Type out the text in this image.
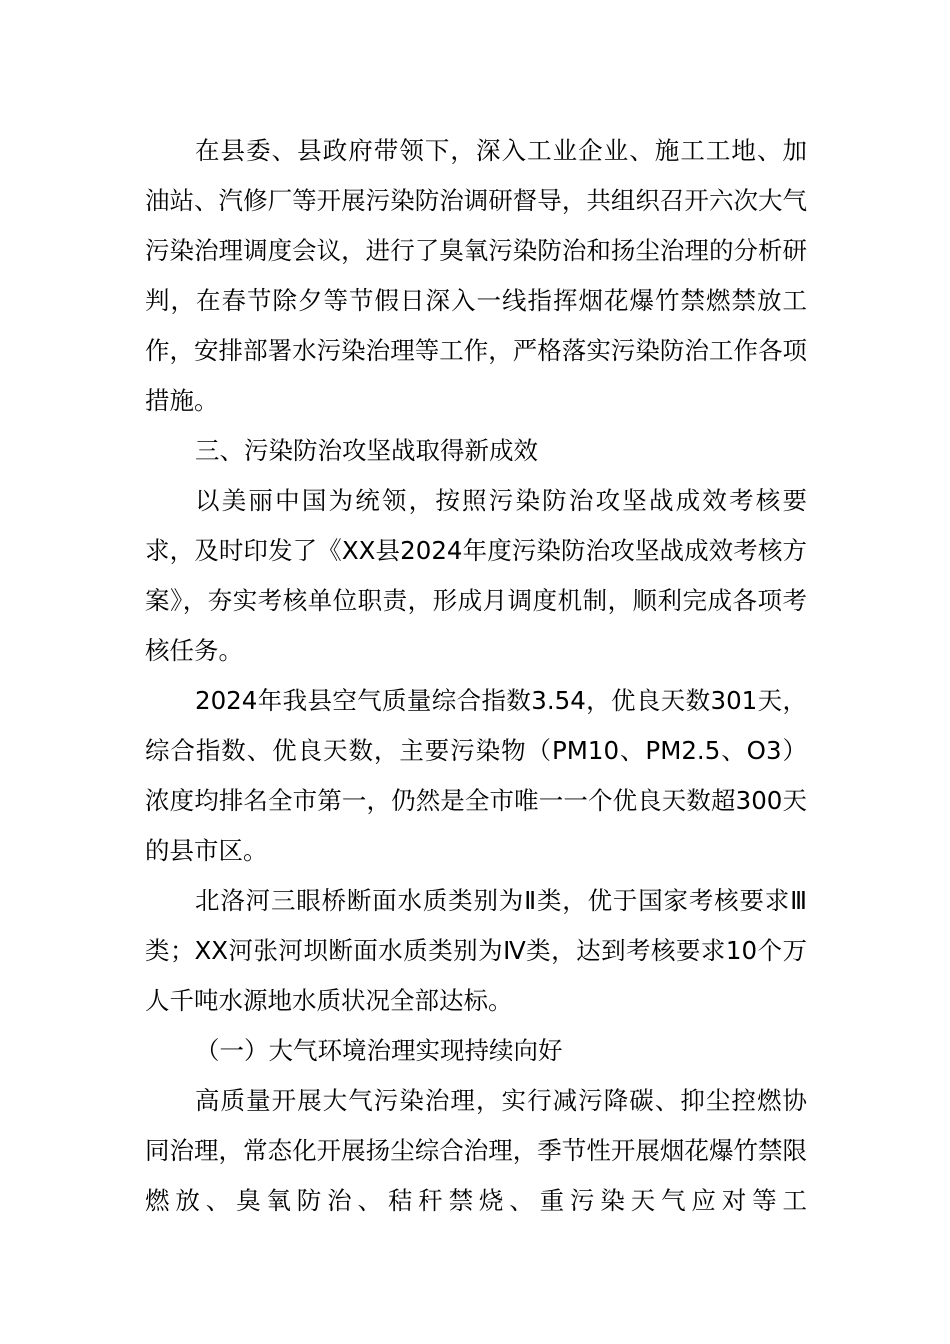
在县委、县政府带领下，深入工业企业、施工工地、加油站、汽修厂等开展污染防治调研督导，共组织召开六次大气污染治理调度会议，进行了臭氧污染防治和扬尘治理的分析研判，在春节除夕等节假日深入一线指挥烟花爆竹禁燃禁放工作，安排部署水污染治理等工作，严格落实污染防治工作各项措施。

三、污染防治攻坚战取得新成效

以美丽中国为统领，按照污染防治攻坚战成效考核要求，及时印发了《XX县2024年度污染防治攻坚战成效考核方案》，夯实考核单位职责，形成月调度机制，顺利完成各项考核任务。

2024年我县空气质量综合指数3.54，优良天数301天，综合指数、优良天数，主要污染物（PM10、PM2.5、O3）浓度均排名全市第一，仍然是全市唯一一个优良天数超300天的县市区。

北洛河三眼桥断面水质类别为Ⅱ类，优于国家考核要求Ⅲ类；XX河张河坝断面水质类别为Ⅳ类，达到考核要求10个万人千吨水源地水质状况全部达标。

（一）大气环境治理实现持续向好

高质量开展大气污染治理，实行减污降碳、抑尘控燃协同治理，常态化开展扬尘综合治理，季节性开展烟花爆竹禁限燃放、臭氧防治、秸秆禁烧、重污染天气应对等工
